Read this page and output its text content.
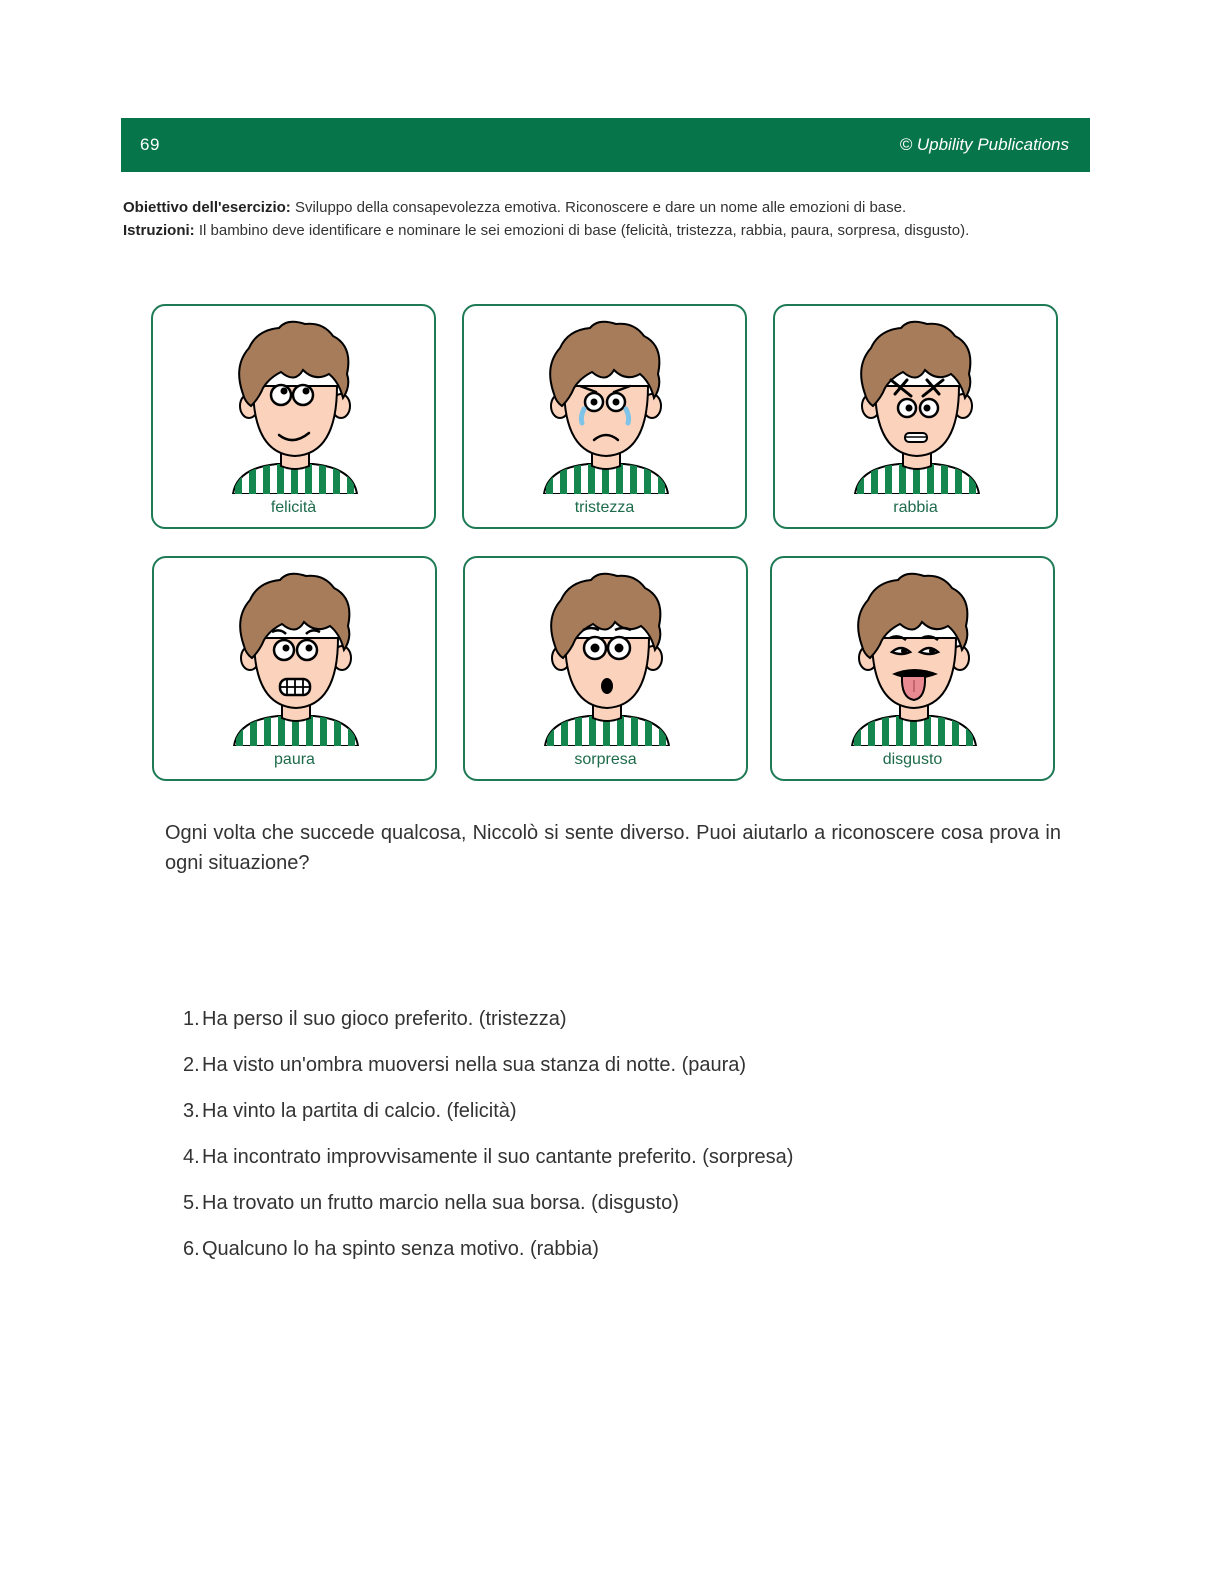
69	© Upbility Publications
Obiettivo dell'esercizio: Sviluppo della consapevolezza emotiva. Riconoscere e dare un nome alle emozioni di base.
Istruzioni: Il bambino deve identificare e nominare le sei emozioni di base (felicità, tristezza, rabbia, paura, sorpresa, disgusto).
felicità	tristezza	rabbia
paura	sorpresa	disgusto

Ogni volta che succede qualcosa, Niccolò si sente diverso. Puoi aiutarlo a riconoscere cosa prova in ogni situazione?

1. Ha perso il suo gioco preferito. (tristezza)
2. Ha visto un'ombra muoversi nella sua stanza di notte. (paura)
3. Ha vinto la partita di calcio. (felicità)
4. Ha incontrato improvvisamente il suo cantante preferito. (sorpresa)
5. Ha trovato un frutto marcio nella sua borsa. (disgusto)
6. Qualcuno lo ha spinto senza motivo. (rabbia)
